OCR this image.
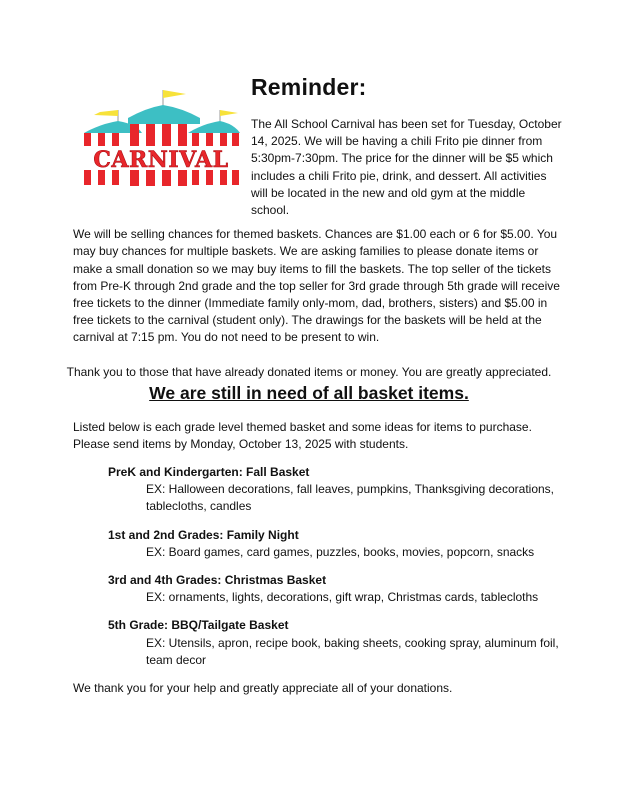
CARNIVAL
Reminder:

The All School Carnival has been set for Tuesday, October 14, 2025. We will be having a chili Frito pie dinner from 5:30pm-7:30pm. The price for the dinner will be $5 which includes a chili Frito pie, drink, and dessert. All activities will be located in the new and old gym at the middle school.

We will be selling chances for themed baskets. Chances are $1.00 each or 6 for $5.00. You may buy chances for multiple baskets. We are asking families to please donate items or make a small donation so we may buy items to fill the baskets. The top seller of the tickets from Pre-K through 2nd grade and the top seller for 3rd grade through 5th grade will receive free tickets to the dinner (Immediate family only-mom, dad, brothers, sisters) and $5.00 in free tickets to the carnival (student only). The drawings for the baskets will be held at the carnival at 7:15 pm. You do not need to be present to win.

Thank you to those that have already donated items or money. You are greatly appreciated.

We are still in need of all basket items.

Listed below is each grade level themed basket and some ideas for items to purchase. Please send items by Monday, October 13, 2025 with students.

PreK and Kindergarten: Fall Basket

EX: Halloween decorations, fall leaves, pumpkins, Thanksgiving decorations, tablecloths, candles

1st and 2nd Grades: Family Night

EX: Board games, card games, puzzles, books, movies, popcorn, snacks

3rd and 4th Grades: Christmas Basket

EX: ornaments, lights, decorations, gift wrap, Christmas cards, tablecloths

5th Grade: BBQ/Tailgate Basket

EX: Utensils, apron, recipe book, baking sheets, cooking spray, aluminum foil, team decor

We thank you for your help and greatly appreciate all of your donations.
